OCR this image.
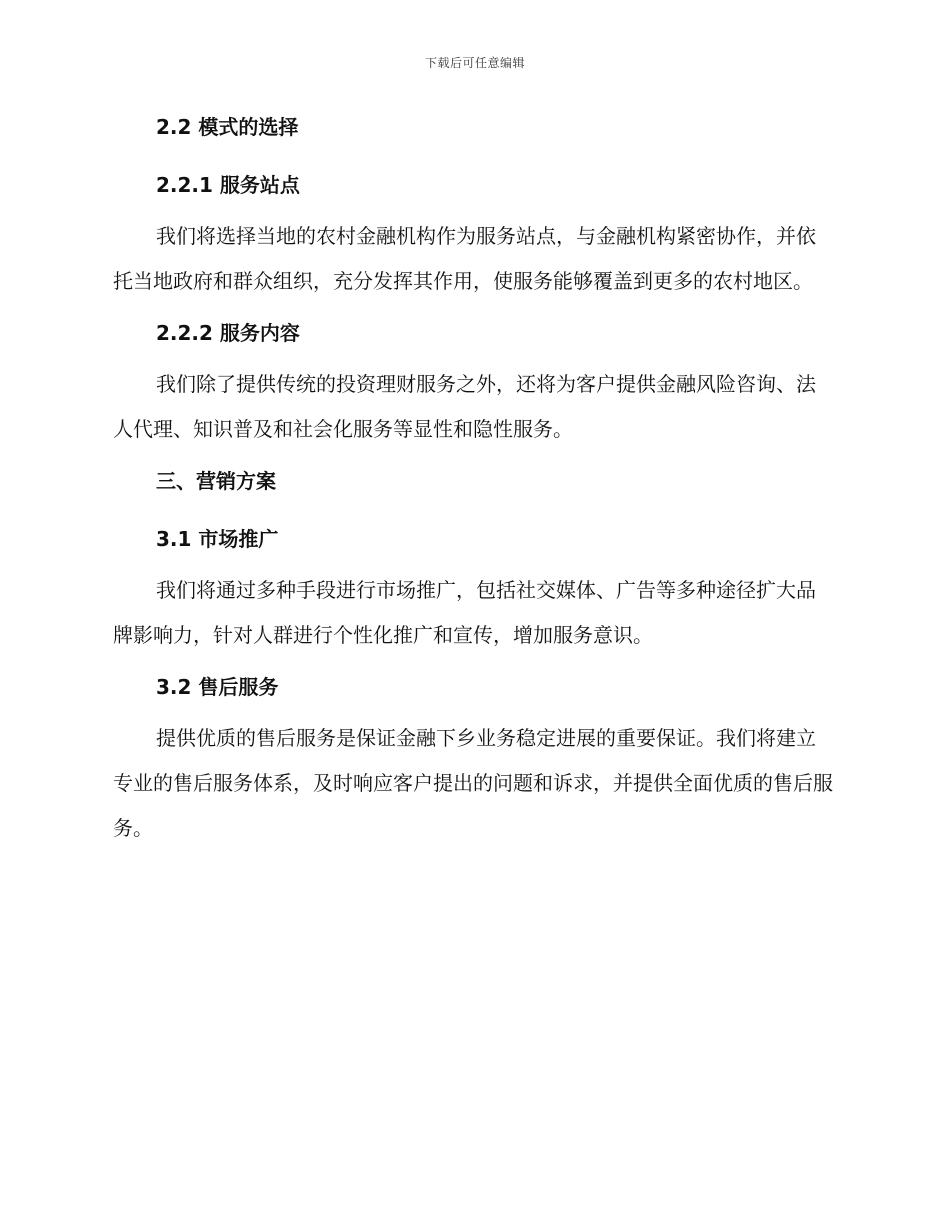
下载后可任意编辑
2.2 模式的选择
2.2.1 服务站点

我们将选择当地的农村金融机构作为服务站点，与金融机构紧密协作，并依托当地政府和群众组织，充分发挥其作用，使服务能够覆盖到更多的农村地区。

2.2.2 服务内容

我们除了提供传统的投资理财服务之外，还将为客户提供金融风险咨询、法人代理、知识普及和社会化服务等显性和隐性服务。

三、营销方案
3.1 市场推广

我们将通过多种手段进行市场推广，包括社交媒体、广告等多种途径扩大品牌影响力，针对人群进行个性化推广和宣传，增加服务意识。

3.2 售后服务

提供优质的售后服务是保证金融下乡业务稳定进展的重要保证。我们将建立专业的售后服务体系，及时响应客户提出的问题和诉求，并提供全面优质的售后服务。
